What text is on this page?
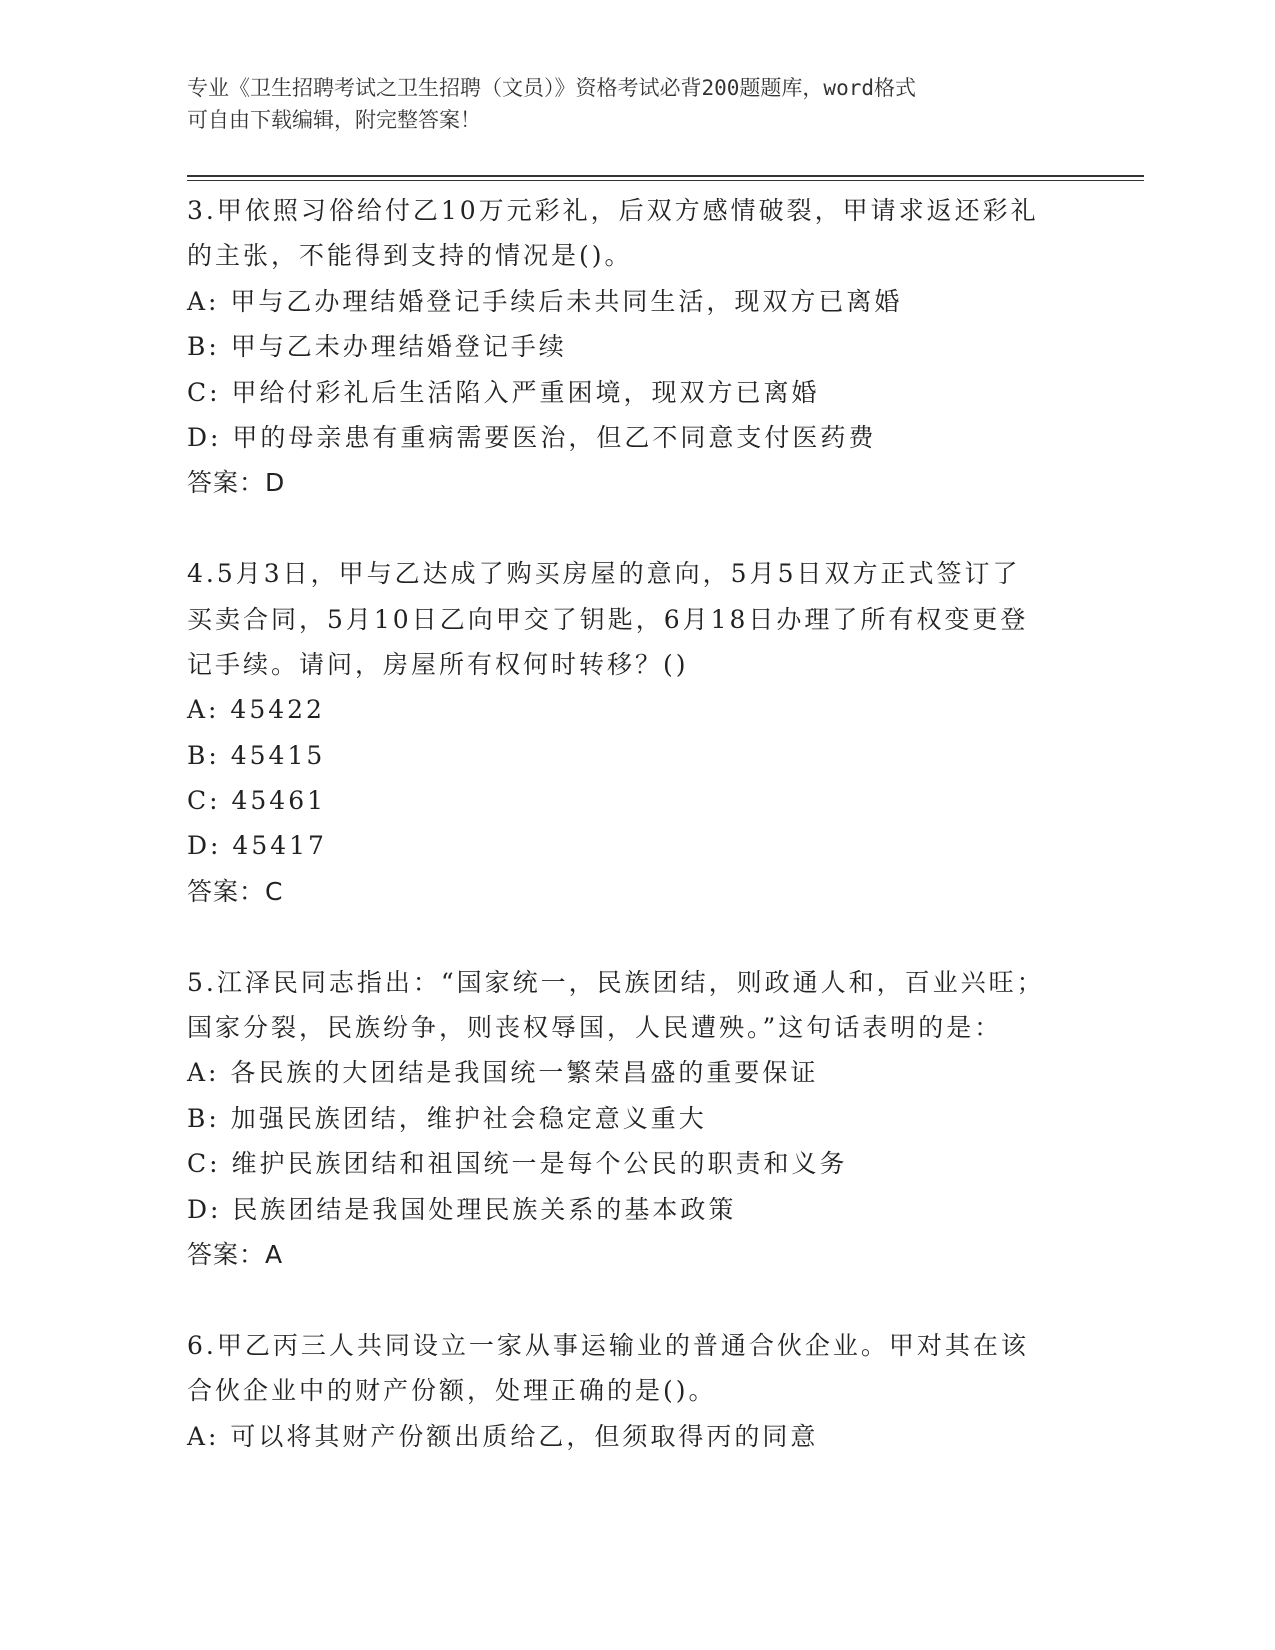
专业《卫生招聘考试之卫生招聘（文员）》资格考试必背200题题库，word格式
可自由下载编辑，附完整答案！
3.甲依照习俗给付乙10万元彩礼，后双方感情破裂，甲请求返还彩礼
的主张，不能得到支持的情况是()。
A: 甲与乙办理结婚登记手续后未共同生活，现双方已离婚
B: 甲与乙未办理结婚登记手续
C: 甲给付彩礼后生活陷入严重困境，现双方已离婚
D: 甲的母亲患有重病需要医治，但乙不同意支付医药费
答案：D
4.5月3日，甲与乙达成了购买房屋的意向，5月5日双方正式签订了
买卖合同，5月10日乙向甲交了钥匙，6月18日办理了所有权变更登
记手续。请问，房屋所有权何时转移？()
A: 45422
B: 45415
C: 45461
D: 45417
答案：C
5.江泽民同志指出：“国家统一，民族团结，则政通人和，百业兴旺；
国家分裂，民族纷争，则丧权辱国，人民遭殃。”这句话表明的是：
A: 各民族的大团结是我国统一繁荣昌盛的重要保证
B: 加强民族团结，维护社会稳定意义重大
C: 维护民族团结和祖国统一是每个公民的职责和义务
D: 民族团结是我国处理民族关系的基本政策
答案：A
6.甲乙丙三人共同设立一家从事运输业的普通合伙企业。甲对其在该
合伙企业中的财产份额，处理正确的是()。
A: 可以将其财产份额出质给乙，但须取得丙的同意
